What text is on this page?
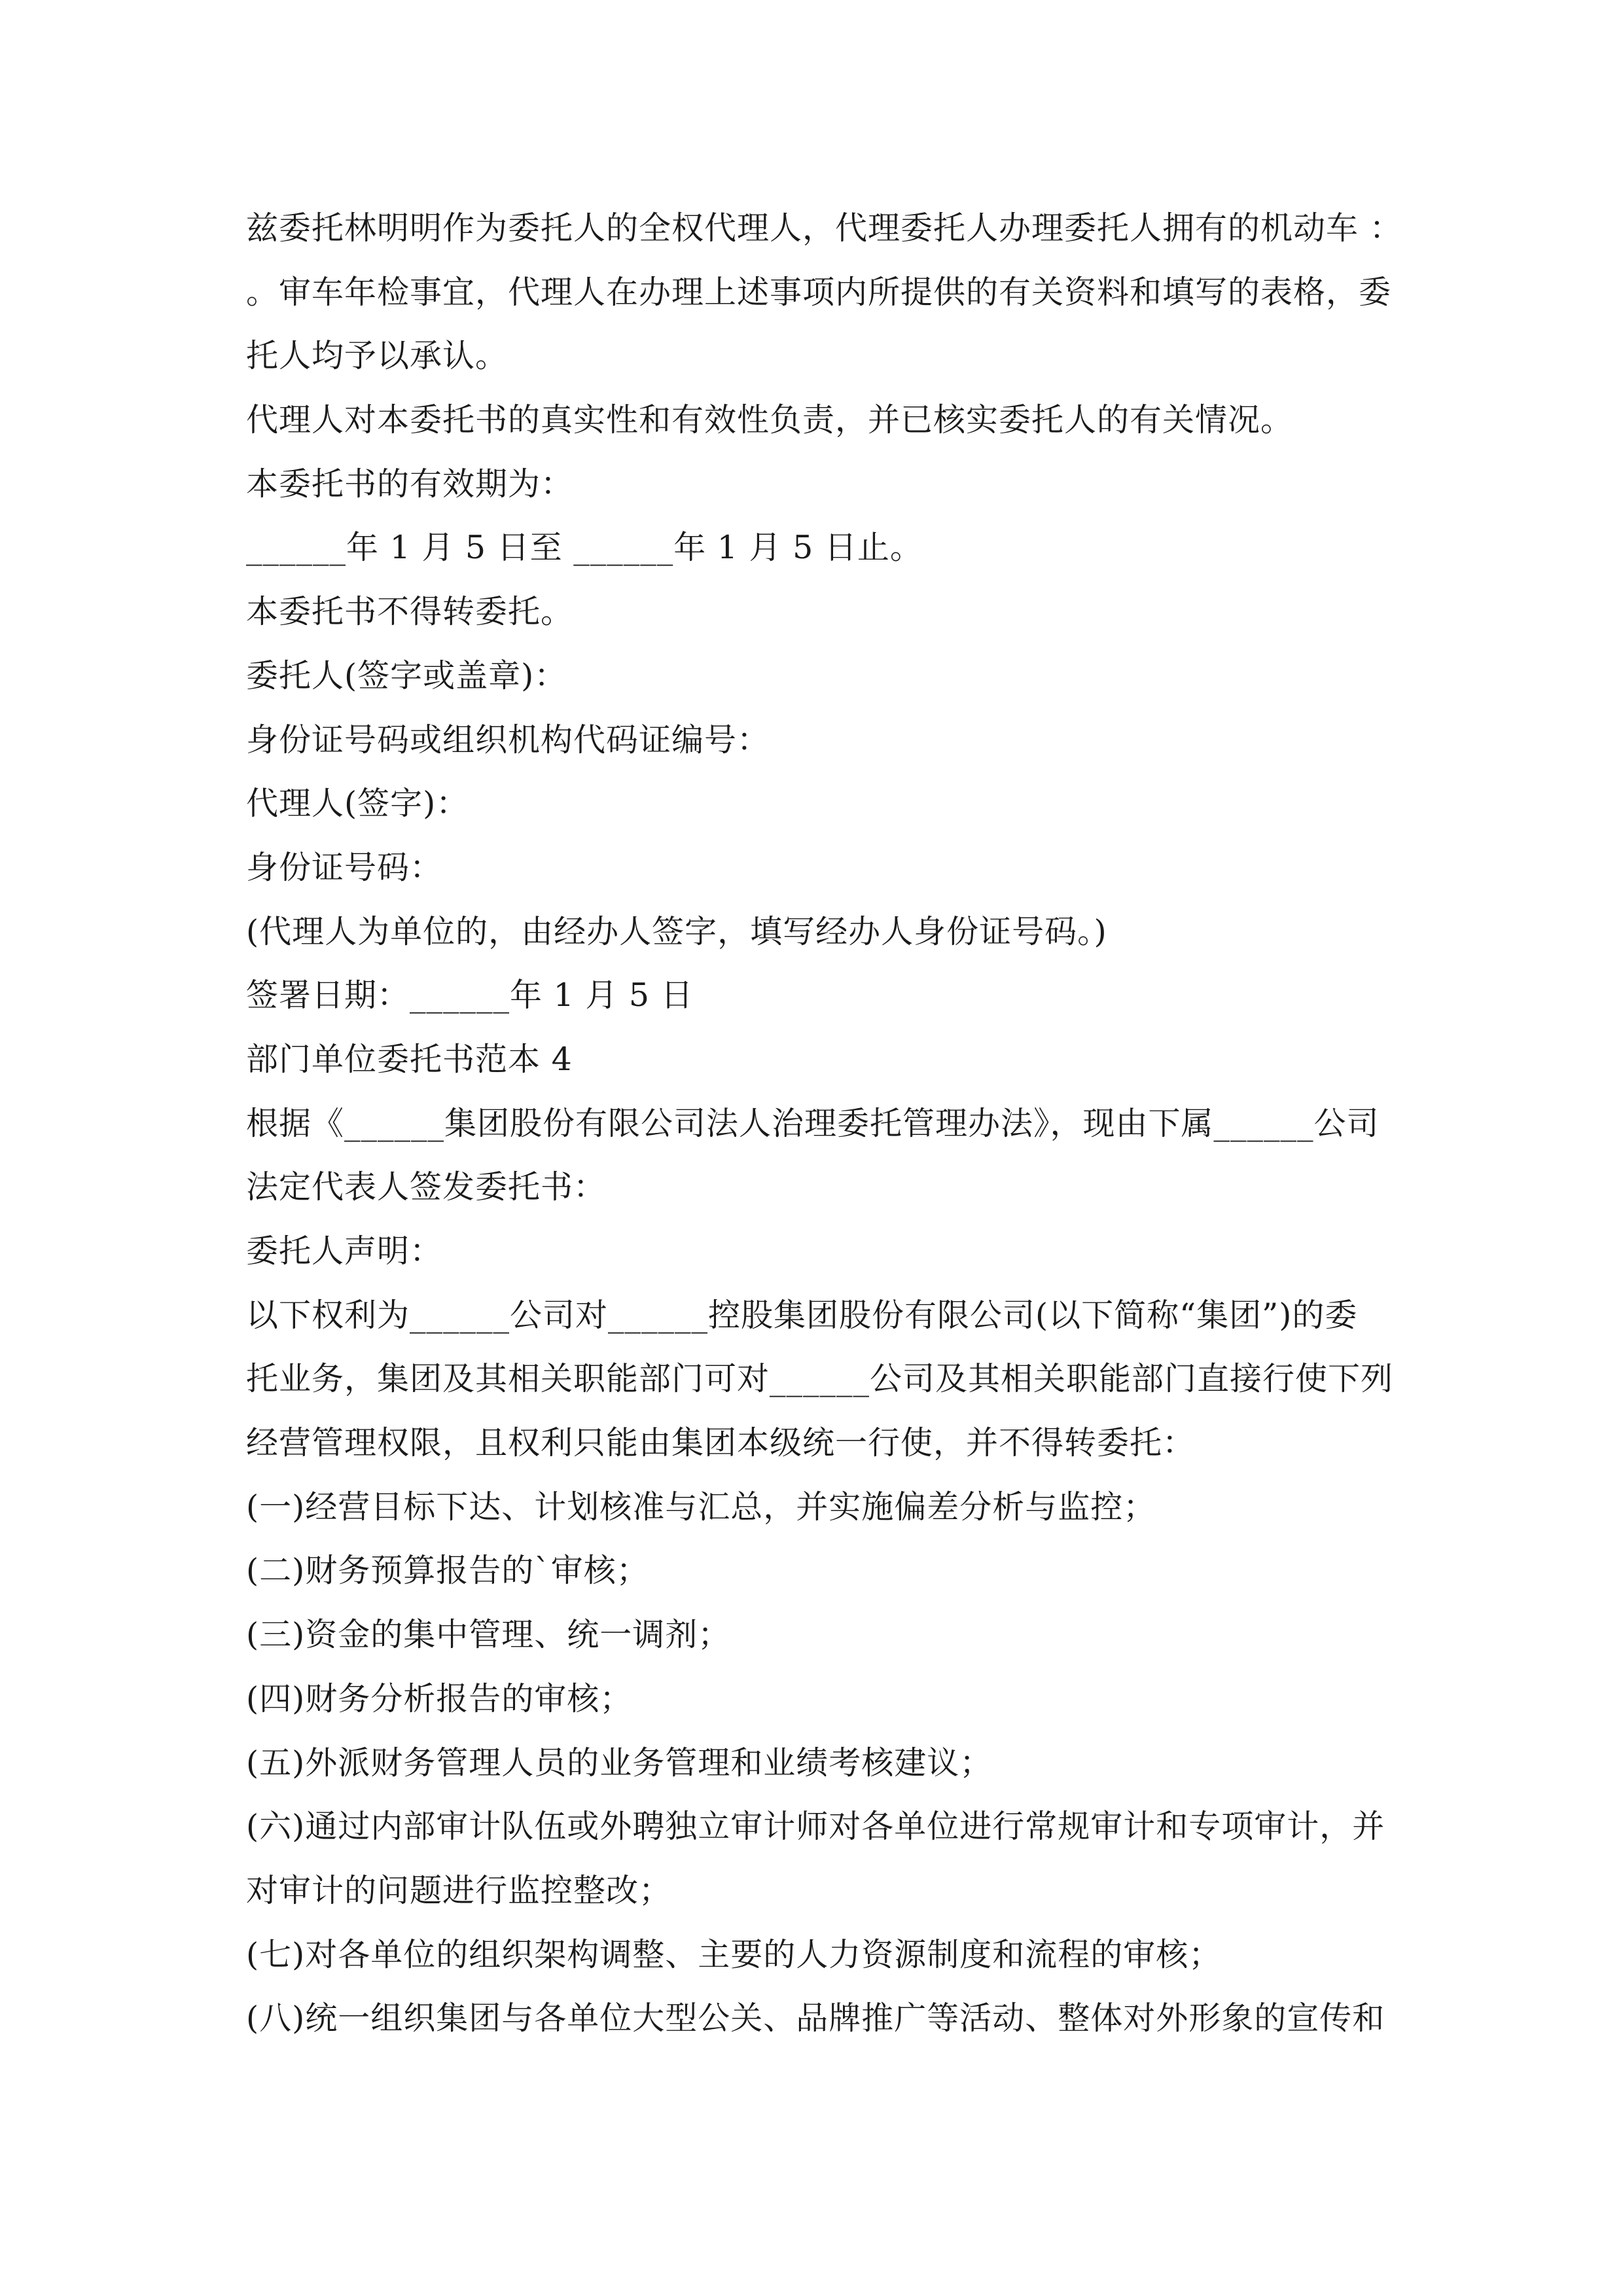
兹委托林明明作为委托人的全权代理人，代理委托人办理委托人拥有的机动车 ：
。审车年检事宜，代理人在办理上述事项内所提供的有关资料和填写的表格，委
托人均予以承认。
代理人对本委托书的真实性和有效性负责，并已核实委托人的有关情况。
本委托书的有效期为：
______年 1 月 5 日至 ______年 1 月 5 日止。
本委托书不得转委托。
委托人(签字或盖章)：
身份证号码或组织机构代码证编号：
代理人(签字)：
身份证号码：
(代理人为单位的，由经办人签字，填写经办人身份证号码。)
签署日期：______年 1 月 5 日
部门单位委托书范本 4
根据《______集团股份有限公司法人治理委托管理办法》，现由下属______公司
法定代表人签发委托书：
委托人声明：
以下权利为______公司对______控股集团股份有限公司(以下简称“集团”)的委
托业务，集团及其相关职能部门可对______公司及其相关职能部门直接行使下列
经营管理权限，且权利只能由集团本级统一行使，并不得转委托：
(一)经营目标下达、计划核准与汇总，并实施偏差分析与监控；
(二)财务预算报告的`审核；
(三)资金的集中管理、统一调剂；
(四)财务分析报告的审核；
(五)外派财务管理人员的业务管理和业绩考核建议；
(六)通过内部审计队伍或外聘独立审计师对各单位进行常规审计和专项审计，并
对审计的问题进行监控整改；
(七)对各单位的组织架构调整、主要的人力资源制度和流程的审核；
(八)统一组织集团与各单位大型公关、品牌推广等活动、整体对外形象的宣传和
